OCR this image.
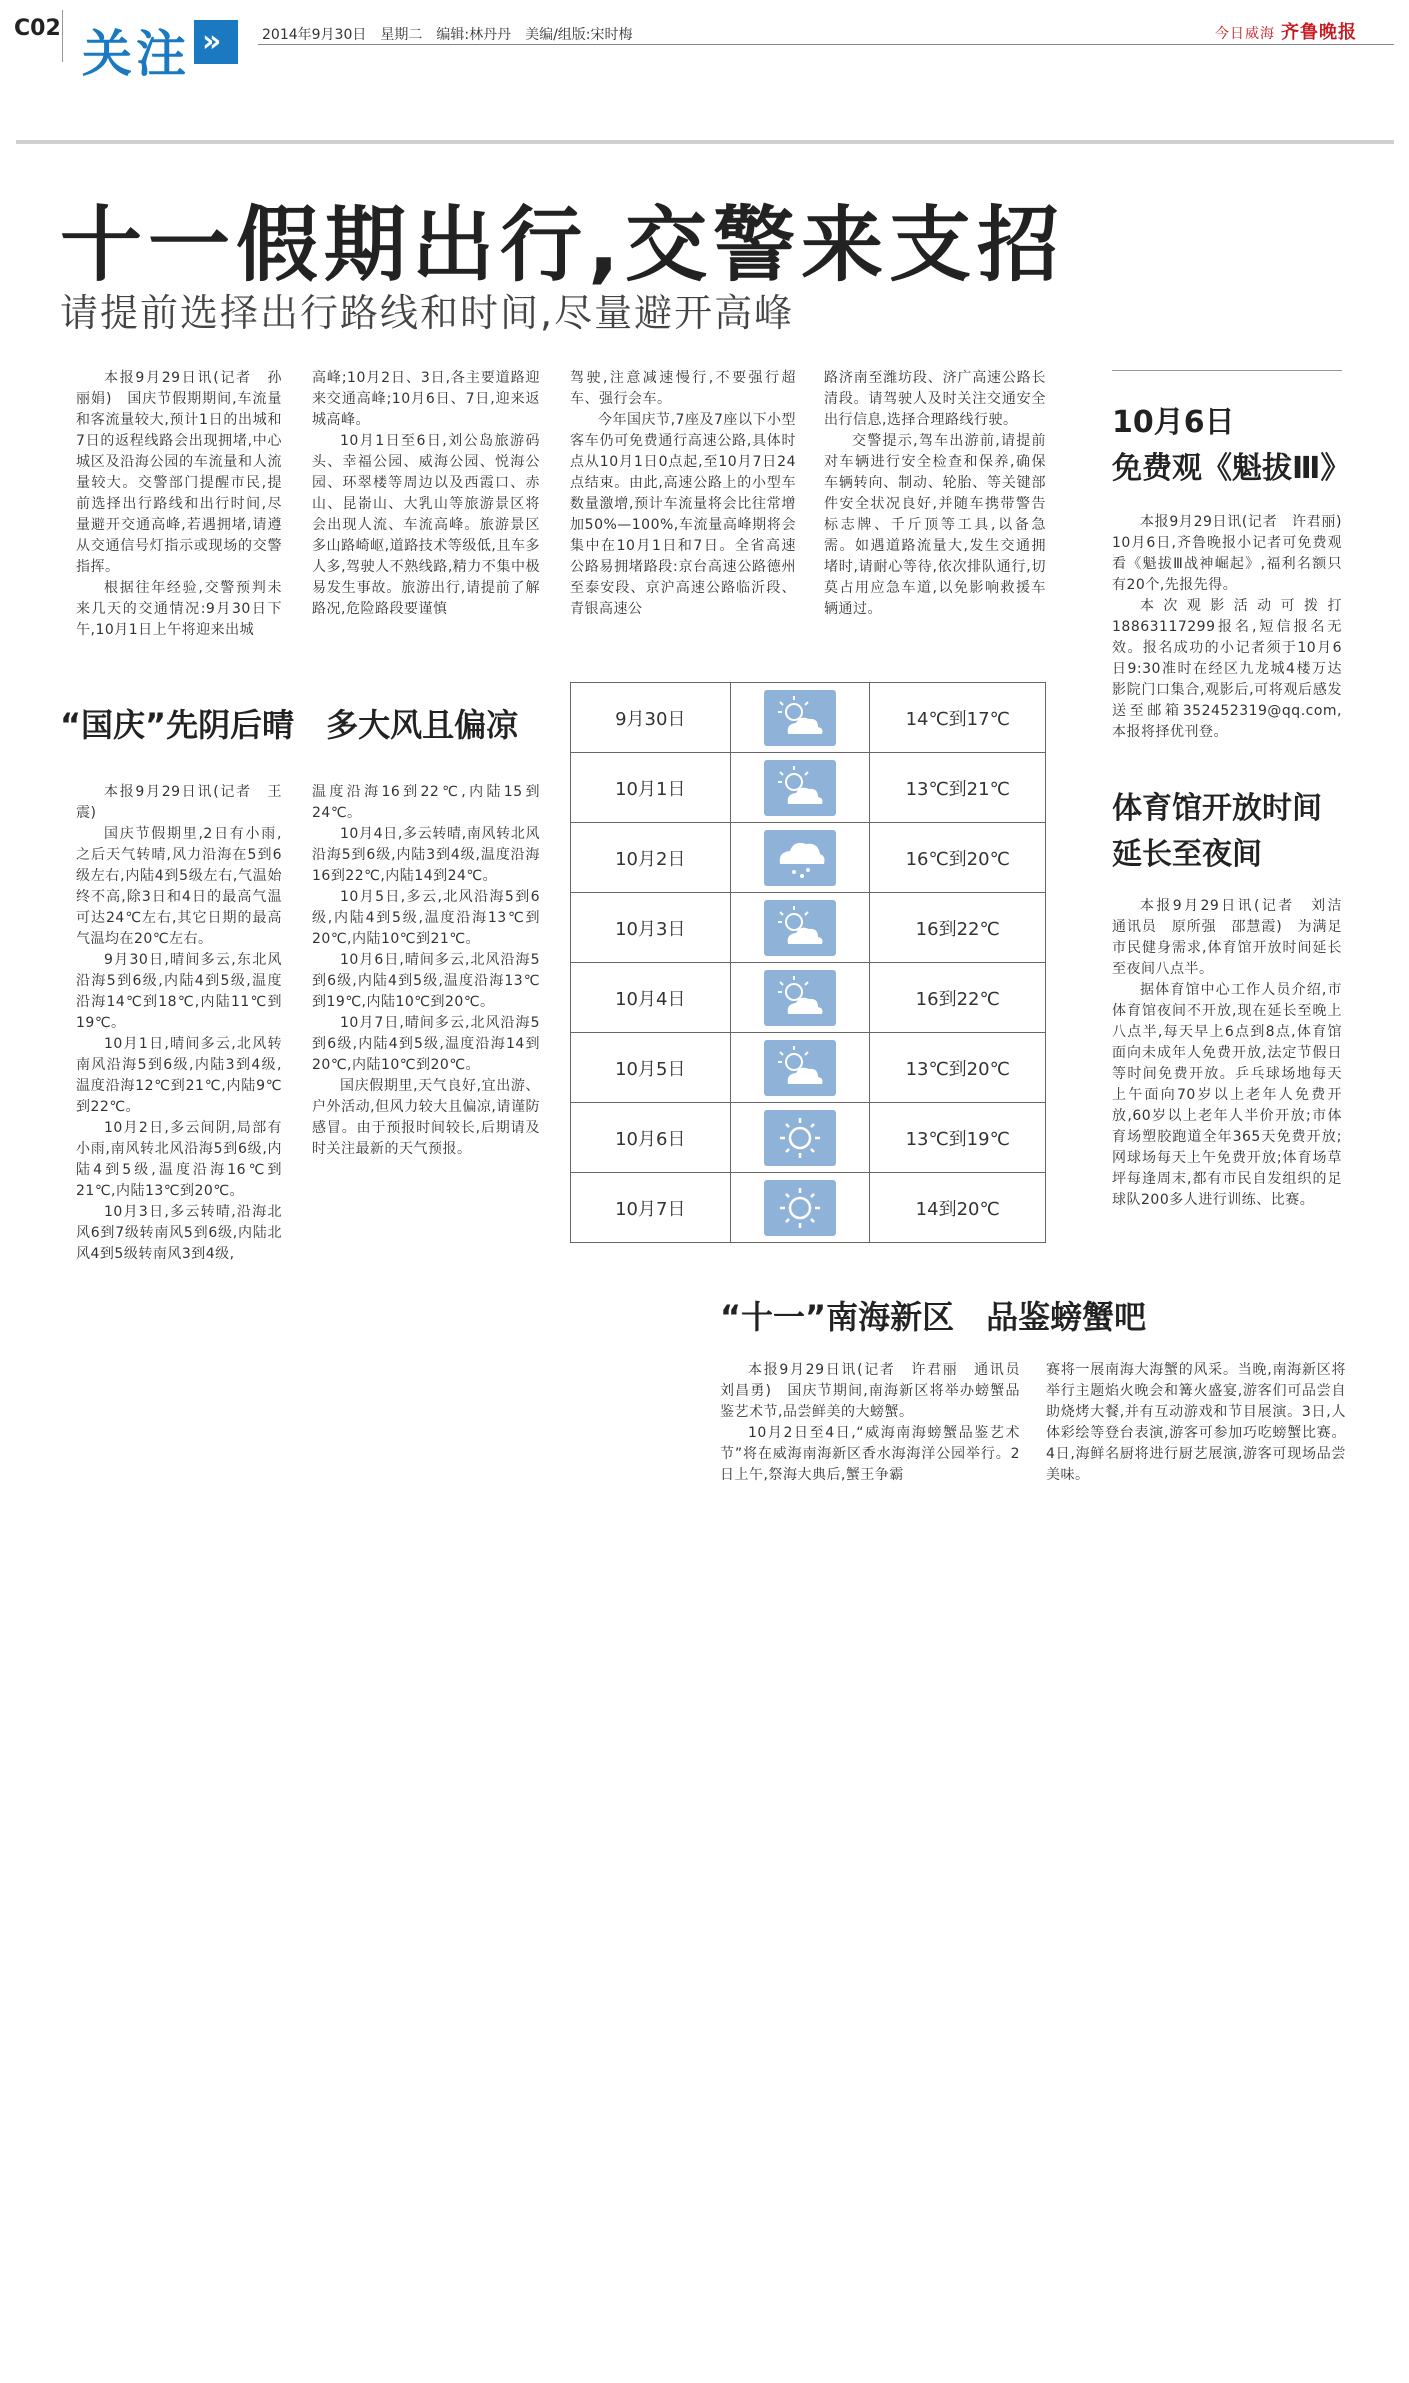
C02 关注 »	2014年9月30日　星期二　编辑:林丹丹　美编/组版:宋时梅	今日威海 齐鲁晚报
十一假期出行,交警来支招
请提前选择出行路线和时间,尽量避开高峰

本报9月29日讯(记者　孙丽娟)　国庆节假期期间,车流量和客流量较大,预计1日的出城和7日的返程线路会出现拥堵,中心城区及沿海公园的车流量和人流量较大。交警部门提醒市民,提前选择出行路线和出行时间,尽量避开交通高峰,若遇拥堵,请遵从交通信号灯指示或现场的交警指挥。

根据往年经验,交警预判未来几天的交通情况:9月30日下午,10月1日上午将迎来出城

高峰;10月2日、3日,各主要道路迎来交通高峰;10月6日、7日,迎来返城高峰。

10月1日至6日,刘公岛旅游码头、幸福公园、威海公园、悦海公园、环翠楼等周边以及西霞口、赤山、昆嵛山、大乳山等旅游景区将会出现人流、车流高峰。旅游景区多山路崎岖,道路技术等级低,且车多人多,驾驶人不熟线路,精力不集中极易发生事故。旅游出行,请提前了解路况,危险路段要谨慎

驾驶,注意减速慢行,不要强行超车、强行会车。

今年国庆节,7座及7座以下小型客车仍可免费通行高速公路,具体时点从10月1日0点起,至10月7日24点结束。由此,高速公路上的小型车数量激增,预计车流量将会比往常增加50%—100%,车流量高峰期将会集中在10月1日和7日。全省高速公路易拥堵路段:京台高速公路德州至泰安段、京沪高速公路临沂段、青银高速公

路济南至潍坊段、济广高速公路长清段。请驾驶人及时关注交通安全出行信息,选择合理路线行驶。

交警提示,驾车出游前,请提前对车辆进行安全检查和保养,确保车辆转向、制动、轮胎、等关键部件安全状况良好,并随车携带警告标志牌、千斤顶等工具,以备急需。如遇道路流量大,发生交通拥堵时,请耐心等待,依次排队通行,切莫占用应急车道,以免影响救援车辆通过。

“国庆”先阴后晴　多大风且偏凉

本报9月29日讯(记者　王震)

国庆节假期里,2日有小雨,之后天气转晴,风力沿海在5到6级左右,内陆4到5级左右,气温始终不高,除3日和4日的最高气温可达24℃左右,其它日期的最高气温均在20℃左右。

9月30日,晴间多云,东北风沿海5到6级,内陆4到5级,温度沿海14℃到18℃,内陆11℃到19℃。

10月1日,晴间多云,北风转南风沿海5到6级,内陆3到4级,温度沿海12℃到21℃,内陆9℃到22℃。

10月2日,多云间阴,局部有小雨,南风转北风沿海5到6级,内陆4到5级,温度沿海16℃到21℃,内陆13℃到20℃。

10月3日,多云转晴,沿海北风6到7级转南风5到6级,内陆北风4到5级转南风3到4级,

温度沿海16到22℃,内陆15到24℃。

10月4日,多云转晴,南风转北风沿海5到6级,内陆3到4级,温度沿海16到22℃,内陆14到24℃。

10月5日,多云,北风沿海5到6级,内陆4到5级,温度沿海13℃到20℃,内陆10℃到21℃。

10月6日,晴间多云,北风沿海5到6级,内陆4到5级,温度沿海13℃到19℃,内陆10℃到20℃。

10月7日,晴间多云,北风沿海5到6级,内陆4到5级,温度沿海14到20℃,内陆10℃到20℃。

国庆假期里,天气良好,宜出游、户外活动,但风力较大且偏凉,请谨防感冒。由于预报时间较长,后期请及时关注最新的天气预报。

9月30日		14℃到17℃
10月1日		13℃到21℃
10月2日		16℃到20℃
10月3日		16到22℃
10月4日		16到22℃
10月5日		13℃到20℃
10月6日		13℃到19℃
10月7日		14到20℃
10月6日
免费观《魁拔Ⅲ》

本报9月29日讯(记者　许君丽)　10月6日,齐鲁晚报小记者可免费观看《魁拔Ⅲ战神崛起》,福利名额只有20个,先报先得。

本次观影活动可拨打18863117299报名,短信报名无效。报名成功的小记者须于10月6日9:30准时在经区九龙城4楼万达影院门口集合,观影后,可将观后感发送至邮箱352452319@qq.com,本报将择优刊登。

体育馆开放时间
延长至夜间

本报9月29日讯(记者　刘洁　通讯员　原所强　邵慧霞)　为满足市民健身需求,体育馆开放时间延长至夜间八点半。

据体育馆中心工作人员介绍,市体育馆夜间不开放,现在延长至晚上八点半,每天早上6点到8点,体育馆面向未成年人免费开放,法定节假日等时间免费开放。乒乓球场地每天上午面向70岁以上老年人免费开放,60岁以上老年人半价开放;市体育场塑胶跑道全年365天免费开放;网球场每天上午免费开放;体育场草坪每逢周末,都有市民自发组织的足球队200多人进行训练、比赛。

“十一”南海新区　品鉴螃蟹吧

本报9月29日讯(记者　许君丽　通讯员　刘昌勇)　国庆节期间,南海新区将举办螃蟹品鉴艺术节,品尝鲜美的大螃蟹。

10月2日至4日,“威海南海螃蟹品鉴艺术节”将在威海南海新区香水海海洋公园举行。2日上午,祭海大典后,蟹王争霸

赛将一展南海大海蟹的风采。当晚,南海新区将举行主题焰火晚会和篝火盛宴,游客们可品尝自助烧烤大餐,并有互动游戏和节目展演。3日,人体彩绘等登台表演,游客可参加巧吃螃蟹比赛。4日,海鲜名厨将进行厨艺展演,游客可现场品尝美味。
